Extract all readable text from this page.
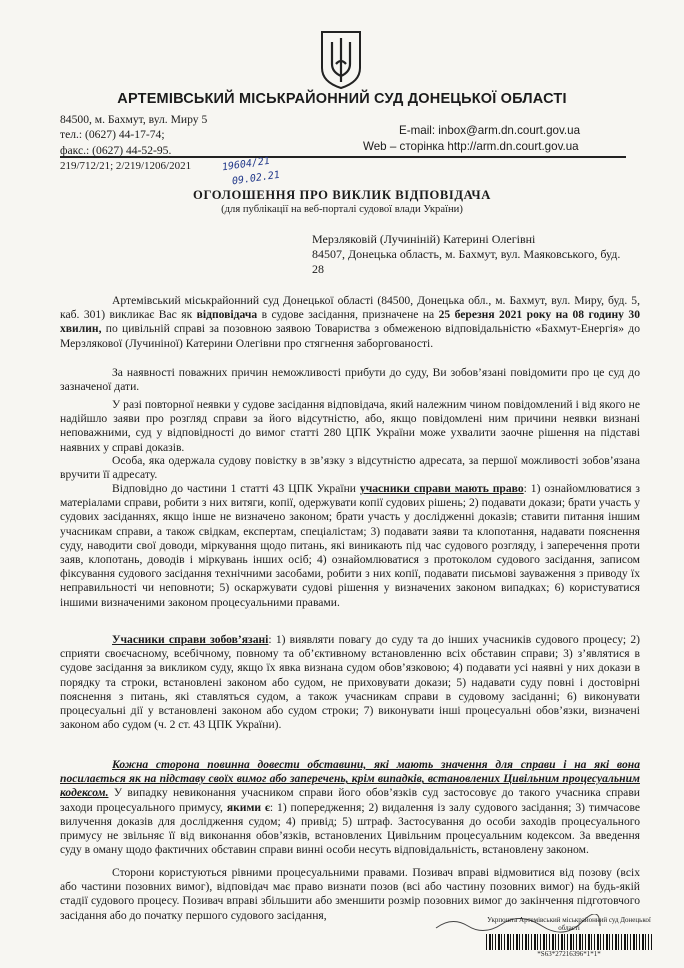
АРТЕМІВСЬКИЙ МІСЬКРАЙОННИЙ СУД ДОНЕЦЬКОЇ ОБЛАСТІ
84500, м. Бахмут, вул. Миру 5
тел.: (0627) 44-17-74;
факс.: (0627) 44-52-95.
E-mail: inbox@arm.dn.court.gov.ua
Web – сторінка http://arm.dn.court.gov.ua
219/712/21; 2/219/1206/2021	19604/21
09.02.21
ОГОЛОШЕННЯ ПРО ВИКЛИК ВІДПОВІДАЧА
(для публікації на веб-порталі судової влади України)
Мерзляковій (Лучиніній) Катерині Олегівні
84507, Донецька область, м. Бахмут, вул. Маяковського, буд. 28

Артемівський міськрайонний суд Донецької області (84500, Донецька обл., м. Бахмут, вул. Миру, буд. 5, каб. 301) викликає Вас як відповідача в судове засідання, призначене на 25 березня 2021 року на 08 годину 30 хвилин, по цивільній справі за позовною заявою Товариства з обмеженою відповідальністю «Бахмут-Енергія» до Мерзлякової (Лучиніної) Катерини Олегівни про стягнення заборгованості.

За наявності поважних причин неможливості прибути до суду, Ви зобов’язані повідомити про це суд до зазначеної дати.

У разі повторної неявки у судове засідання відповідача, який належним чином повідомлений і від якого не надійшло заяви про розгляд справи за його відсутністю, або, якщо повідомлені ним причини неявки визнані неповажними, суд у відповідності до вимог статті 280 ЦПК України може ухвалити заочне рішення на підставі наявних у справі доказів.

Особа, яка одержала судову повістку в зв’язку з відсутністю адресата, за першої можливості зобов’язана вручити її адресату.

Відповідно до частини 1 статті 43 ЦПК України учасники справи мають право: 1) ознайомлюватися з матеріалами справи, робити з них витяги, копії, одержувати копії судових рішень; 2) подавати докази; брати участь у судових засіданнях, якщо інше не визначено законом; брати участь у дослідженні доказів; ставити питання іншим учасникам справи, а також свідкам, експертам, спеціалістам; 3) подавати заяви та клопотання, надавати пояснення суду, наводити свої доводи, міркування щодо питань, які виникають під час судового розгляду, і заперечення проти заяв, клопотань, доводів і міркувань інших осіб; 4) ознайомлюватися з протоколом судового засідання, записом фіксування судового засідання технічними засобами, робити з них копії, подавати письмові зауваження з приводу їх неправильності чи неповноти; 5) оскаржувати судові рішення у визначених законом випадках; 6) користуватися іншими визначеними законом процесуальними правами.

Учасники справи зобов’язані: 1) виявляти повагу до суду та до інших учасників судового процесу; 2) сприяти своєчасному, всебічному, повному та об’єктивному встановленню всіх обставин справи; 3) з’являтися в судове засідання за викликом суду, якщо їх явка визнана судом обов’язковою; 4) подавати усі наявні у них докази в порядку та строки, встановлені законом або судом, не приховувати докази; 5) надавати суду повні і достовірні пояснення з питань, які ставляться судом, а також учасникам справи в судовому засіданні; 6) виконувати процесуальні дії у встановлені законом або судом строки; 7) виконувати інші процесуальні обов’язки, визначені законом або судом (ч. 2 ст. 43 ЦПК України).

Кожна сторона повинна довести обставини, які мають значення для справи і на які вона посилається як на підставу своїх вимог або заперечень, крім випадків, встановлених Цивільним процесуальним кодексом. У випадку невиконання учасником справи його обов’язків суд застосовує до такого учасника справи заходи процесуального примусу, якими є: 1) попередження; 2) видалення із залу судового засідання; 3) тимчасове вилучення доказів для дослідження судом; 4) привід; 5) штраф. Застосування до особи заходів процесуального примусу не звільняє її від виконання обов’язків, встановлених Цивільним процесуальним кодексом. За введення суду в оману щодо фактичних обставин справи винні особи несуть відповідальність, встановлену законом.

Сторони користуються рівними процесуальними правами. Позивач вправі відмовитися від позову (всіх або частини позовних вимог), відповідач має право визнати позов (всі або частину позовних вимог) на будь-якій стадії судового процесу. Позивач вправі збільшити або зменшити розмір позовних вимог до закінчення підготовчого засідання або до початку першого судового засідання,	Укрпошта Артемівський міськрайонний суд Донецької області
*S63*27216396*1*1*
